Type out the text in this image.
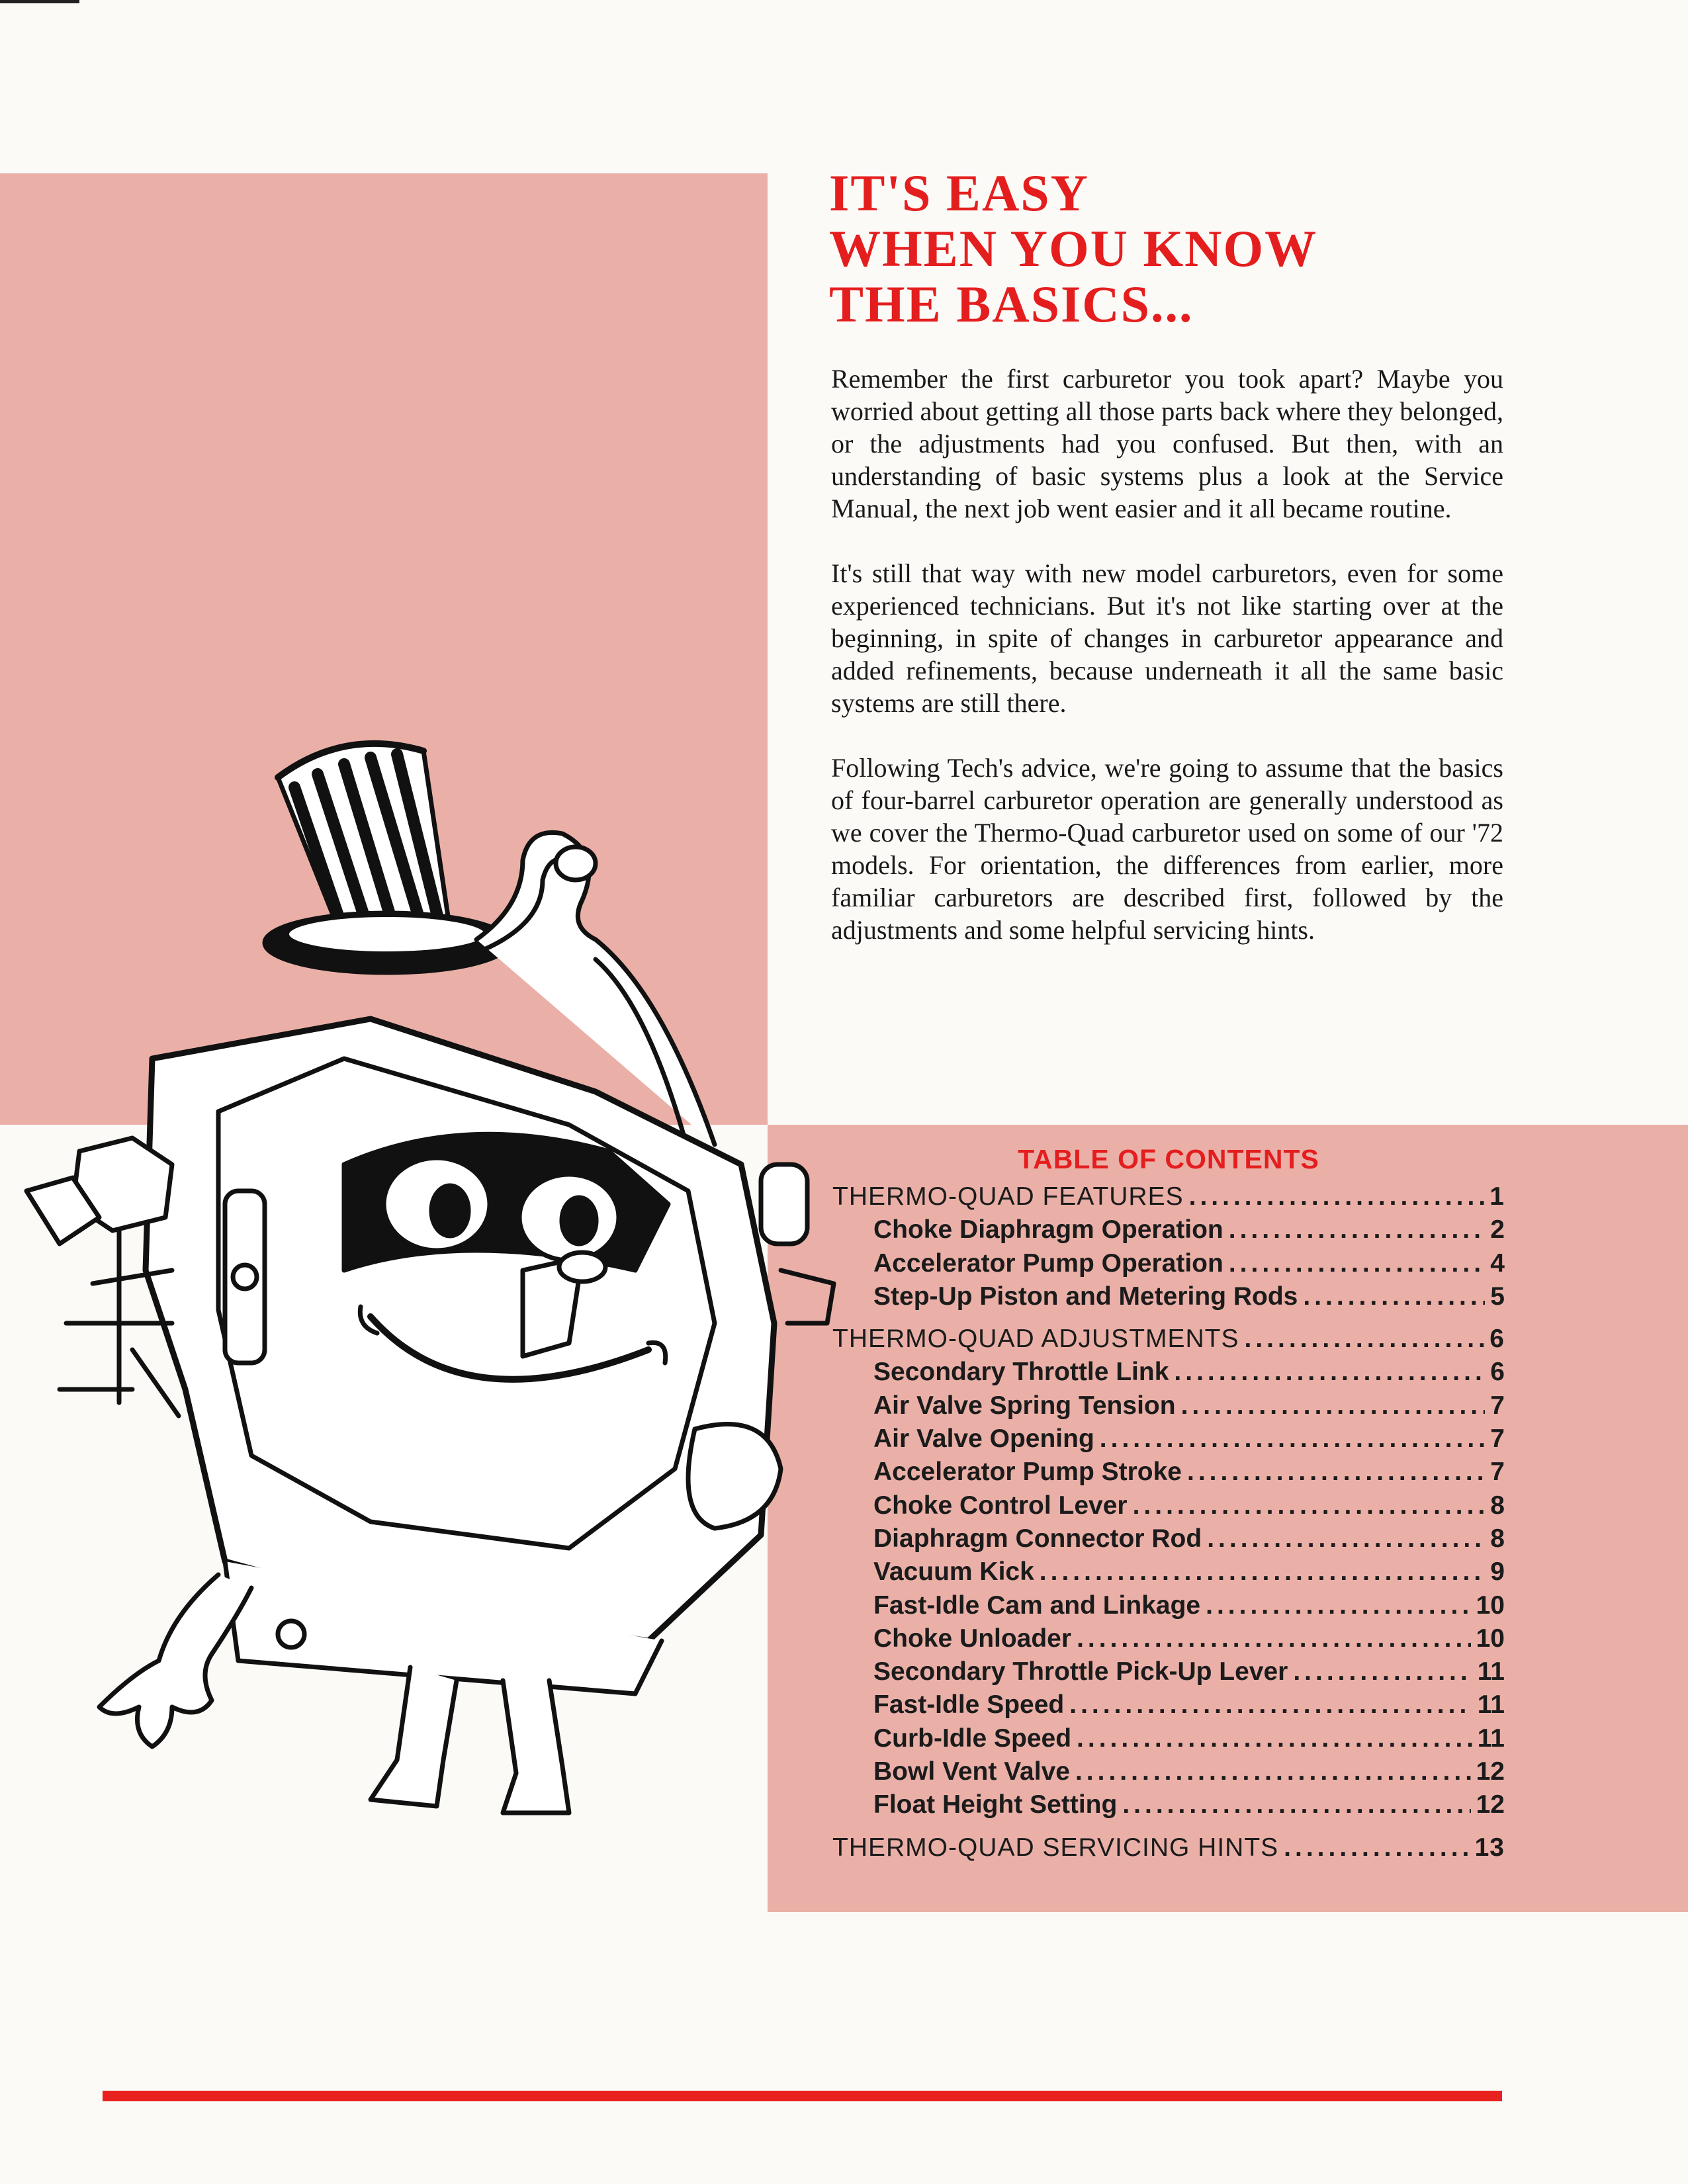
IT'S EASY
WHEN YOU KNOW
THE BASICS...

Remember the first carburetor you took apart? Maybe you worried about getting all those parts back where they belonged, or the adjustments had you confused. But then, with an understanding of basic systems plus a look at the Service Manual, the next job went easier and it all became routine.

It's still that way with new model carburetors, even for some experienced technicians. But it's not like starting over at the beginning, in spite of changes in carburetor appearance and added refinements, because underneath it all the same basic systems are still there.

Following Tech's advice, we're going to assume that the basics of four-barrel carburetor operation are generally understood as we cover the Thermo-Quad carburetor used on some of our '72 models. For orientation, the differences from earlier, more familiar carburetors are described first, followed by the adjustments and some helpful servicing hints.

TABLE OF CONTENTS
THERMO-QUAD FEATURES .....	1
Choke Diaphragm Operation .....	2
Accelerator Pump Operation .....	4
Step-Up Piston and Metering Rods .....	5
THERMO-QUAD ADJUSTMENTS .....	6
Secondary Throttle Link .....	6
Air Valve Spring Tension .....	7
Air Valve Opening .....	7
Accelerator Pump Stroke .....	7
Choke Control Lever .....	8
Diaphragm Connector Rod .....	8
Vacuum Kick .....	9
Fast-Idle Cam and Linkage .....	10
Choke Unloader .....	10
Secondary Throttle Pick-Up Lever .....	11
Fast-Idle Speed .....	11
Curb-Idle Speed .....	11
Bowl Vent Valve .....	12
Float Height Setting .....	12
THERMO-QUAD SERVICING HINTS .....	13
